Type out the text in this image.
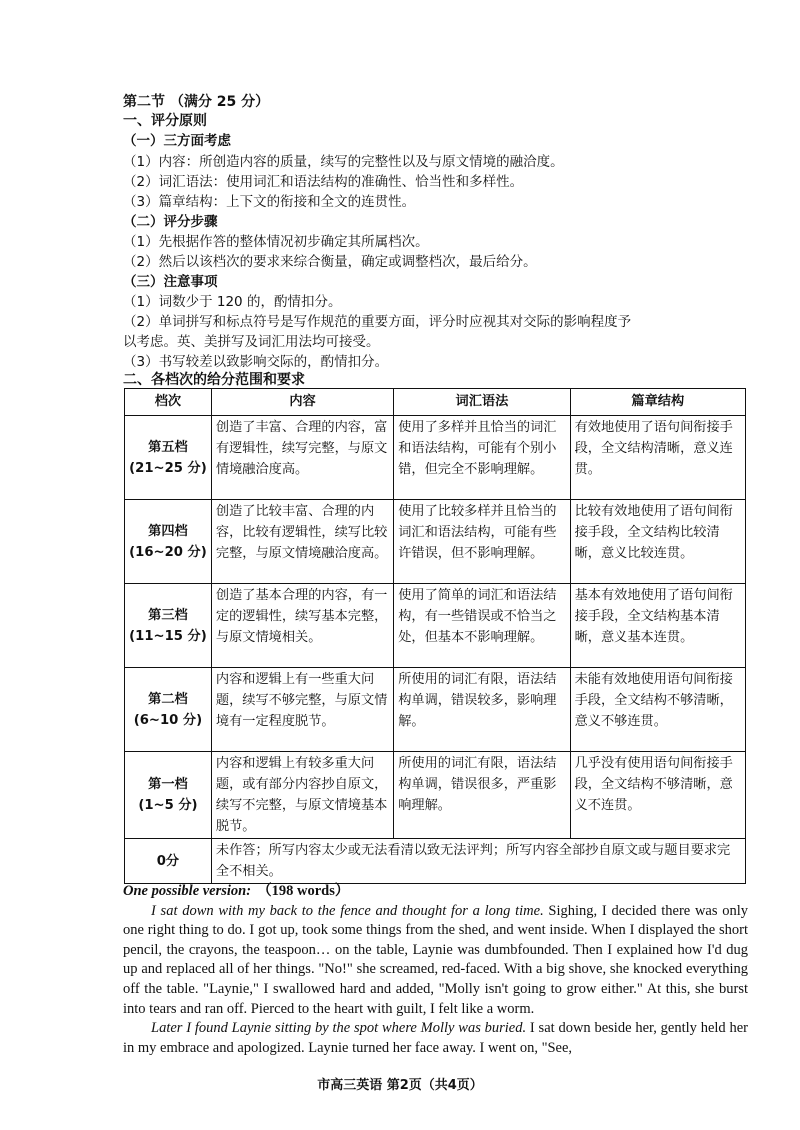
第二节 （满分 25 分）
一、评分原则
（一）三方面考虑
（1）内容：所创造内容的质量，续写的完整性以及与原文情境的融洽度。
（2）词汇语法：使用词汇和语法结构的准确性、恰当性和多样性。
（3）篇章结构：上下文的衔接和全文的连贯性。
（二）评分步骤
（1）先根据作答的整体情况初步确定其所属档次。
（2）然后以该档次的要求来综合衡量，确定或调整档次，最后给分。
（三）注意事项
（1）词数少于 120 的，酌情扣分。
（2）单词拼写和标点符号是写作规范的重要方面，评分时应视其对交际的影响程度予
以考虑。英、美拼写及词汇用法均可接受。
（3）书写较差以致影响交际的，酌情扣分。
二、各档次的给分范围和要求
档次	内容	词汇语法	篇章结构

第五档
(21~25 分)	创造了丰富、合理的内容，富有逻辑性，续写完整，与原文情境融洽度高。	使用了多样并且恰当的词汇和语法结构，可能有个别小错，但完全不影响理解。	有效地使用了语句间衔接手段，全文结构清晰，意义连贯。

第四档
(16~20 分)	创造了比较丰富、合理的内容，比较有逻辑性，续写比较完整，与原文情境融洽度高。	使用了比较多样并且恰当的词汇和语法结构，可能有些许错误，但不影响理解。	比较有效地使用了语句间衔接手段，全文结构比较清晰，意义比较连贯。

第三档
(11~15 分)	创造了基本合理的内容，有一定的逻辑性，续写基本完整，与原文情境相关。	使用了简单的词汇和语法结构，有一些错误或不恰当之处，但基本不影响理解。	基本有效地使用了语句间衔接手段，全文结构基本清晰，意义基本连贯。

第二档
(6~10 分)	内容和逻辑上有一些重大问题，续写不够完整，与原文情境有一定程度脱节。	所使用的词汇有限，语法结构单调，错误较多，影响理解。	未能有效地使用语句间衔接手段，全文结构不够清晰，意义不够连贯。

第一档
(1~5 分)	内容和逻辑上有较多重大问题，或有部分内容抄自原文，续写不完整，与原文情境基本脱节。	所使用的词汇有限，语法结构单调，错误很多，严重影响理解。	几乎没有使用语句间衔接手段，全文结构不够清晰，意义不连贯。
0分	未作答；所写内容太少或无法看清以致无法评判；所写内容全部抄自原文或与题目要求完全不相关。		

One possible version: （198 words）

I sat down with my back to the fence and thought for a long time. Sighing, I decided there was only one right thing to do. I got up, took some things from the shed, and went inside. When I displayed the short pencil, the crayons, the teaspoon… on the table, Laynie was dumbfounded. Then I explained how I'd dug up and replaced all of her things. "No!" she screamed, red-faced. With a big shove, she knocked everything off the table. "Laynie," I swallowed hard and added, "Molly isn't going to grow either." At this, she burst into tears and ran off. Pierced to the heart with guilt, I felt like a worm.

Later I found Laynie sitting by the spot where Molly was buried. I sat down beside her, gently held her in my embrace and apologized. Laynie turned her face away. I went on, "See,

市高三英语 第2页（共4页）
